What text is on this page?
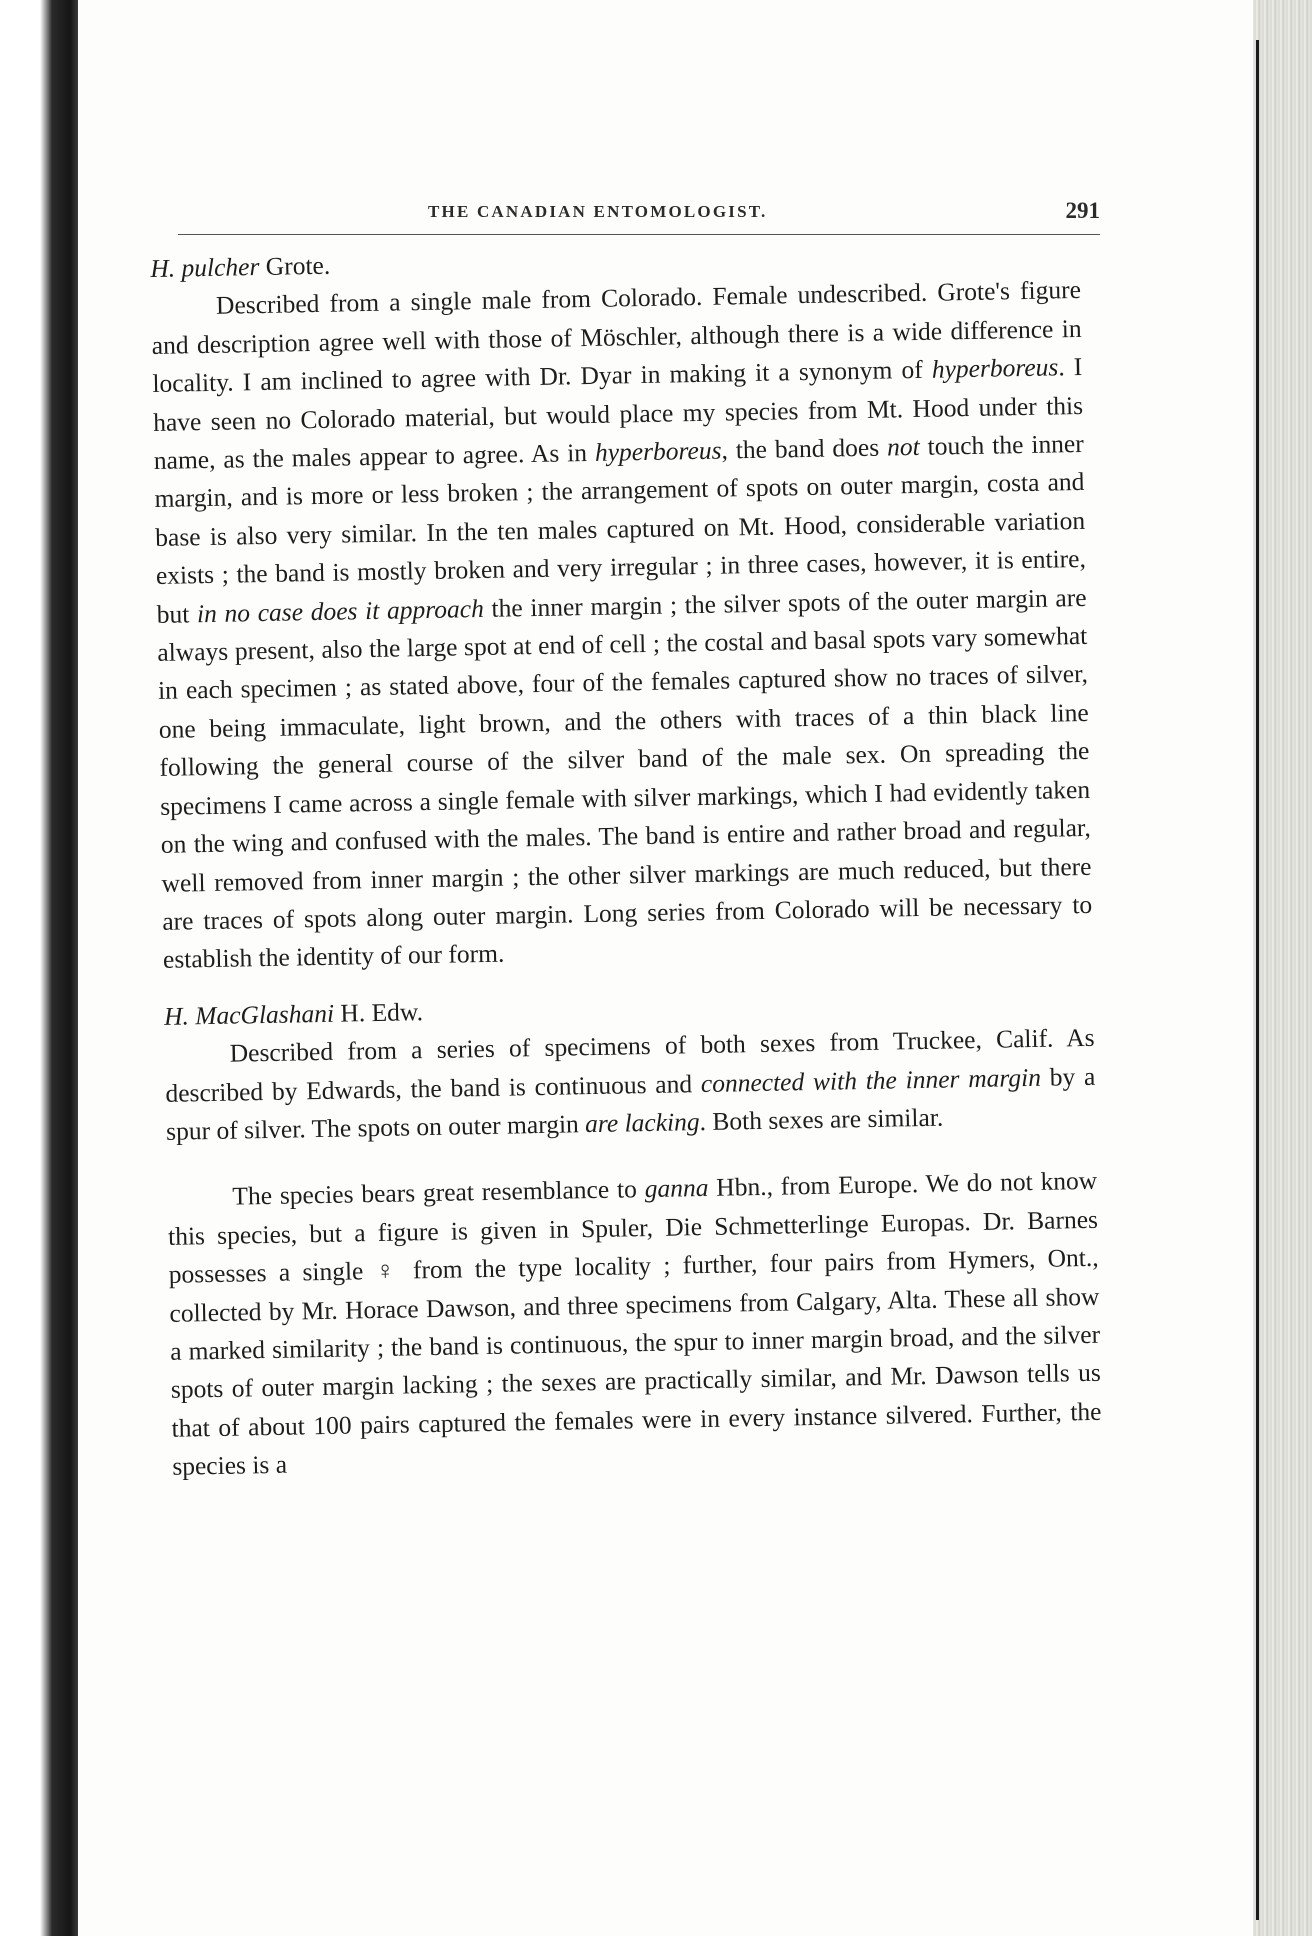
THE CANADIAN ENTOMOLOGIST.	291

H. pulcher Grote.

Described from a single male from Colorado. Female undescribed. Grote's figure and description agree well with those of Möschler, although there is a wide difference in locality. I am inclined to agree with Dr. Dyar in making it a synonym of hyperboreus. I have seen no Colorado material, but would place my species from Mt. Hood under this name, as the males appear to agree. As in hyperboreus, the band does not touch the inner margin, and is more or less broken ; the arrangement of spots on outer margin, costa and base is also very similar. In the ten males captured on Mt. Hood, considerable variation exists ; the band is mostly broken and very irregular ; in three cases, however, it is entire, but in no case does it approach the inner margin ; the silver spots of the outer margin are always present, also the large spot at end of cell ; the costal and basal spots vary somewhat in each specimen ; as stated above, four of the females captured show no traces of silver, one being immaculate, light brown, and the others with traces of a thin black line following the general course of the silver band of the male sex. On spreading the specimens I came across a single female with silver markings, which I had evidently taken on the wing and confused with the males. The band is entire and rather broad and regular, well removed from inner margin ; the other silver markings are much reduced, but there are traces of spots along outer margin. Long series from Colorado will be necessary to establish the identity of our form.

H. MacGlashani H. Edw.

Described from a series of specimens of both sexes from Truckee, Calif. As described by Edwards, the band is continuous and connected with the inner margin by a spur of silver. The spots on outer margin are lacking. Both sexes are similar.

The species bears great resemblance to ganna Hbn., from Europe. We do not know this species, but a figure is given in Spuler, Die Schmetterlinge Europas. Dr. Barnes possesses a single ♀ from the type locality ; further, four pairs from Hymers, Ont., collected by Mr. Horace Dawson, and three specimens from Calgary, Alta. These all show a marked similarity ; the band is continuous, the spur to inner margin broad, and the silver spots of outer margin lacking ; the sexes are practically similar, and Mr. Dawson tells us that of about 100 pairs captured the females were in every instance silvered. Further, the species is a
